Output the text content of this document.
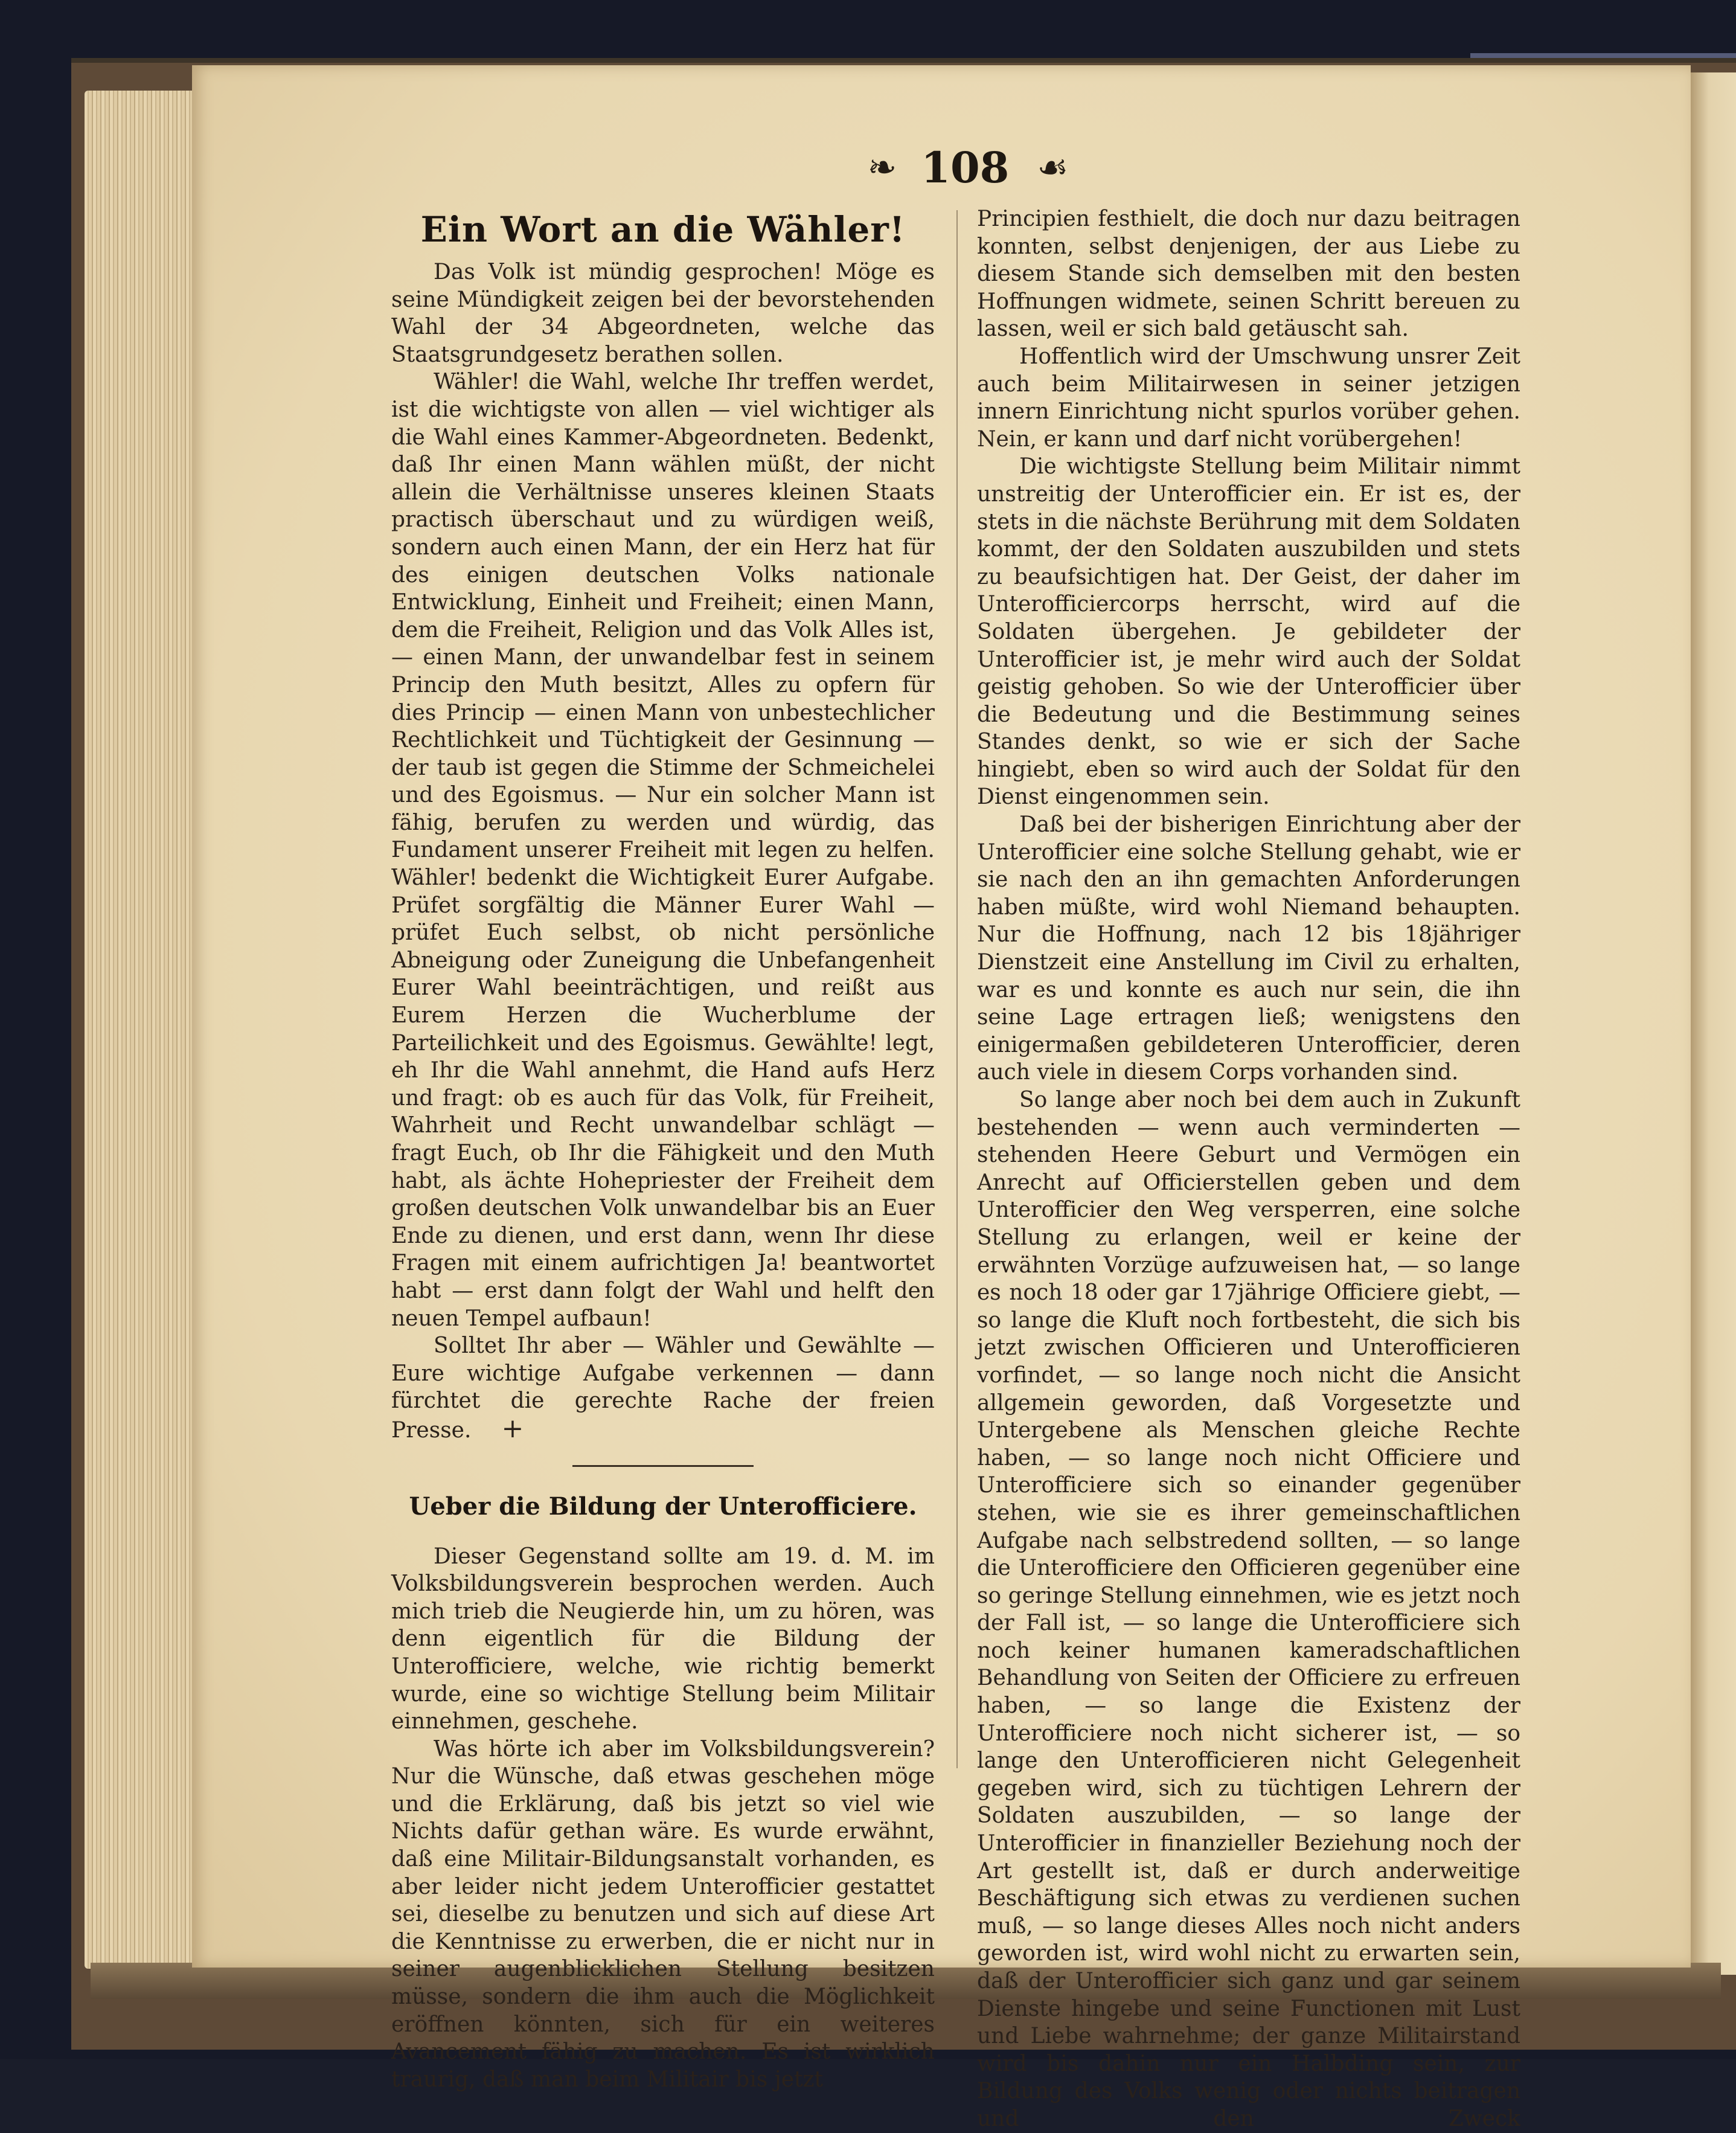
❧ 108 ☙
Ein Wort an die Wähler!

Das Volk ist mündig gesprochen! Möge es seine Mündigkeit zeigen bei der bevorstehenden Wahl der 34 Abgeordneten, welche das Staatsgrundgesetz berathen sollen.

Wähler! die Wahl, welche Ihr treffen werdet, ist die wichtigste von allen — viel wichtiger als die Wahl eines Kammer-Abgeordneten. Bedenkt, daß Ihr einen Mann wählen müßt, der nicht allein die Verhältnisse unseres kleinen Staats practisch überschaut und zu würdigen weiß, sondern auch einen Mann, der ein Herz hat für des einigen deutschen Volks nationale Entwicklung, Einheit und Freiheit; einen Mann, dem die Freiheit, Religion und das Volk Alles ist, — einen Mann, der unwandelbar fest in seinem Princip den Muth besitzt, Alles zu opfern für dies Princip — einen Mann von unbestechlicher Rechtlichkeit und Tüchtigkeit der Gesinnung — der taub ist gegen die Stimme der Schmeichelei und des Egoismus. — Nur ein solcher Mann ist fähig, berufen zu werden und würdig, das Fundament unserer Freiheit mit legen zu helfen. Wähler! bedenkt die Wichtigkeit Eurer Aufgabe. Prüfet sorgfältig die Männer Eurer Wahl — prüfet Euch selbst, ob nicht persönliche Abneigung oder Zuneigung die Unbefangenheit Eurer Wahl beeinträchtigen, und reißt aus Eurem Herzen die Wucherblume der Parteilichkeit und des Egoismus. Gewählte! legt, eh Ihr die Wahl annehmt, die Hand aufs Herz und fragt: ob es auch für das Volk, für Freiheit, Wahrheit und Recht unwandelbar schlägt — fragt Euch, ob Ihr die Fähigkeit und den Muth habt, als ächte Hohepriester der Freiheit dem großen deutschen Volk unwandelbar bis an Euer Ende zu dienen, und erst dann, wenn Ihr diese Fragen mit einem aufrichtigen Ja! beantwortet habt — erst dann folgt der Wahl und helft den neuen Tempel aufbaun!

Solltet Ihr aber — Wähler und Gewählte — Eure wichtige Aufgabe verkennen — dann fürchtet die gerechte Rache der freien Presse. +

Ueber die Bildung der Unterofficiere.

Dieser Gegenstand sollte am 19. d. M. im Volksbildungsverein besprochen werden. Auch mich trieb die Neugierde hin, um zu hören, was denn eigentlich für die Bildung der Unterofficiere, welche, wie richtig bemerkt wurde, eine so wichtige Stellung beim Militair einnehmen, geschehe.

Was hörte ich aber im Volksbildungsverein? Nur die Wünsche, daß etwas geschehen möge und die Erklärung, daß bis jetzt so viel wie Nichts dafür gethan wäre. Es wurde erwähnt, daß eine Militair-Bildungsanstalt vorhanden, es aber leider nicht jedem Unterofficier gestattet sei, dieselbe zu benutzen und sich auf diese Art die Kenntnisse zu erwerben, die er nicht nur in seiner augenblicklichen Stellung besitzen müsse, sondern die ihm auch die Möglichkeit eröffnen könnten, sich für ein weiteres Avancement fähig zu machen. Es ist wirklich traurig, daß man beim Militair bis jetzt

Principien festhielt, die doch nur dazu beitragen konnten, selbst denjenigen, der aus Liebe zu diesem Stande sich demselben mit den besten Hoffnungen widmete, seinen Schritt bereuen zu lassen, weil er sich bald getäuscht sah.

Hoffentlich wird der Umschwung unsrer Zeit auch beim Militairwesen in seiner jetzigen innern Einrichtung nicht spurlos vorüber gehen. Nein, er kann und darf nicht vorübergehen!

Die wichtigste Stellung beim Militair nimmt unstreitig der Unterofficier ein. Er ist es, der stets in die nächste Berührung mit dem Soldaten kommt, der den Soldaten auszubilden und stets zu beaufsichtigen hat. Der Geist, der daher im Unterofficiercorps herrscht, wird auf die Soldaten übergehen. Je gebildeter der Unterofficier ist, je mehr wird auch der Soldat geistig gehoben. So wie der Unterofficier über die Bedeutung und die Bestimmung seines Standes denkt, so wie er sich der Sache hingiebt, eben so wird auch der Soldat für den Dienst eingenommen sein.

Daß bei der bisherigen Einrichtung aber der Unterofficier eine solche Stellung gehabt, wie er sie nach den an ihn gemachten Anforderungen haben müßte, wird wohl Niemand behaupten. Nur die Hoffnung, nach 12 bis 18jähriger Dienstzeit eine Anstellung im Civil zu erhalten, war es und konnte es auch nur sein, die ihn seine Lage ertragen ließ; wenigstens den einigermaßen gebildeteren Unterofficier, deren auch viele in diesem Corps vorhanden sind.

So lange aber noch bei dem auch in Zukunft bestehenden — wenn auch verminderten — stehenden Heere Geburt und Vermögen ein Anrecht auf Officierstellen geben und dem Unterofficier den Weg versperren, eine solche Stellung zu erlangen, weil er keine der erwähnten Vorzüge aufzuweisen hat, — so lange es noch 18 oder gar 17jährige Officiere giebt, — so lange die Kluft noch fortbesteht, die sich bis jetzt zwischen Officieren und Unterofficieren vorfindet, — so lange noch nicht die Ansicht allgemein geworden, daß Vorgesetzte und Untergebene als Menschen gleiche Rechte haben, — so lange noch nicht Officiere und Unterofficiere sich so einander gegenüber stehen, wie sie es ihrer gemeinschaftlichen Aufgabe nach selbstredend sollten, — so lange die Unterofficiere den Officieren gegenüber eine so geringe Stellung einnehmen, wie es jetzt noch der Fall ist, — so lange die Unterofficiere sich noch keiner humanen kameradschaftlichen Behandlung von Seiten der Officiere zu erfreuen haben, — so lange die Existenz der Unterofficiere noch nicht sicherer ist, — so lange den Unterofficieren nicht Gelegenheit gegeben wird, sich zu tüchtigen Lehrern der Soldaten auszubilden, — so lange der Unterofficier in finanzieller Beziehung noch der Art gestellt ist, daß er durch anderweitige Beschäftigung sich etwas zu verdienen suchen muß, — so lange dieses Alles noch nicht anders geworden ist, wird wohl nicht zu erwarten sein, daß der Unterofficier sich ganz und gar seinem Dienste hingebe und seine Functionen mit Lust und Liebe wahrnehme; der ganze Militairstand wird bis dahin nur ein Halbding sein, zur Bildung des Volks wenig oder nichts beitragen und den Zweck
